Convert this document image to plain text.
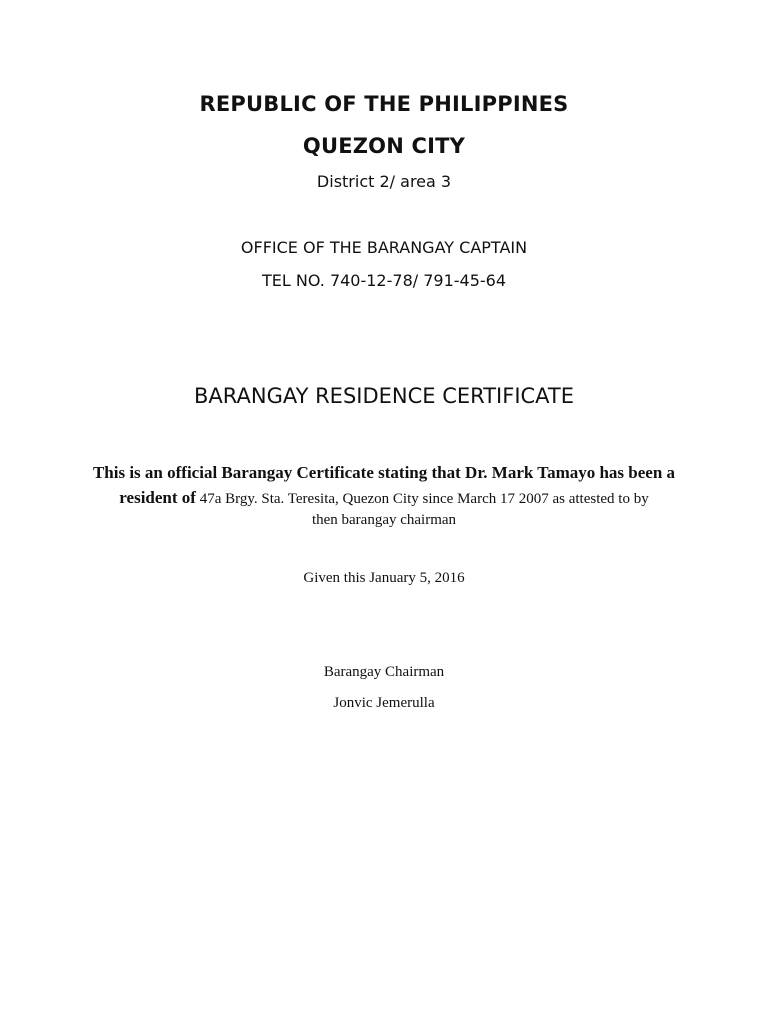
REPUBLIC OF THE PHILIPPINES
QUEZON CITY
District 2/ area 3
OFFICE OF THE BARANGAY CAPTAIN
TEL NO. 740-12-78/ 791-45-64
BARANGAY RESIDENCE CERTIFICATE
This is an official Barangay Certificate stating that Dr. Mark Tamayo has been a
resident of 47a Brgy. Sta. Teresita, Quezon City since March 17 2007 as attested to by
then barangay chairman
Given this January 5, 2016
Barangay Chairman
Jonvic Jemerulla
